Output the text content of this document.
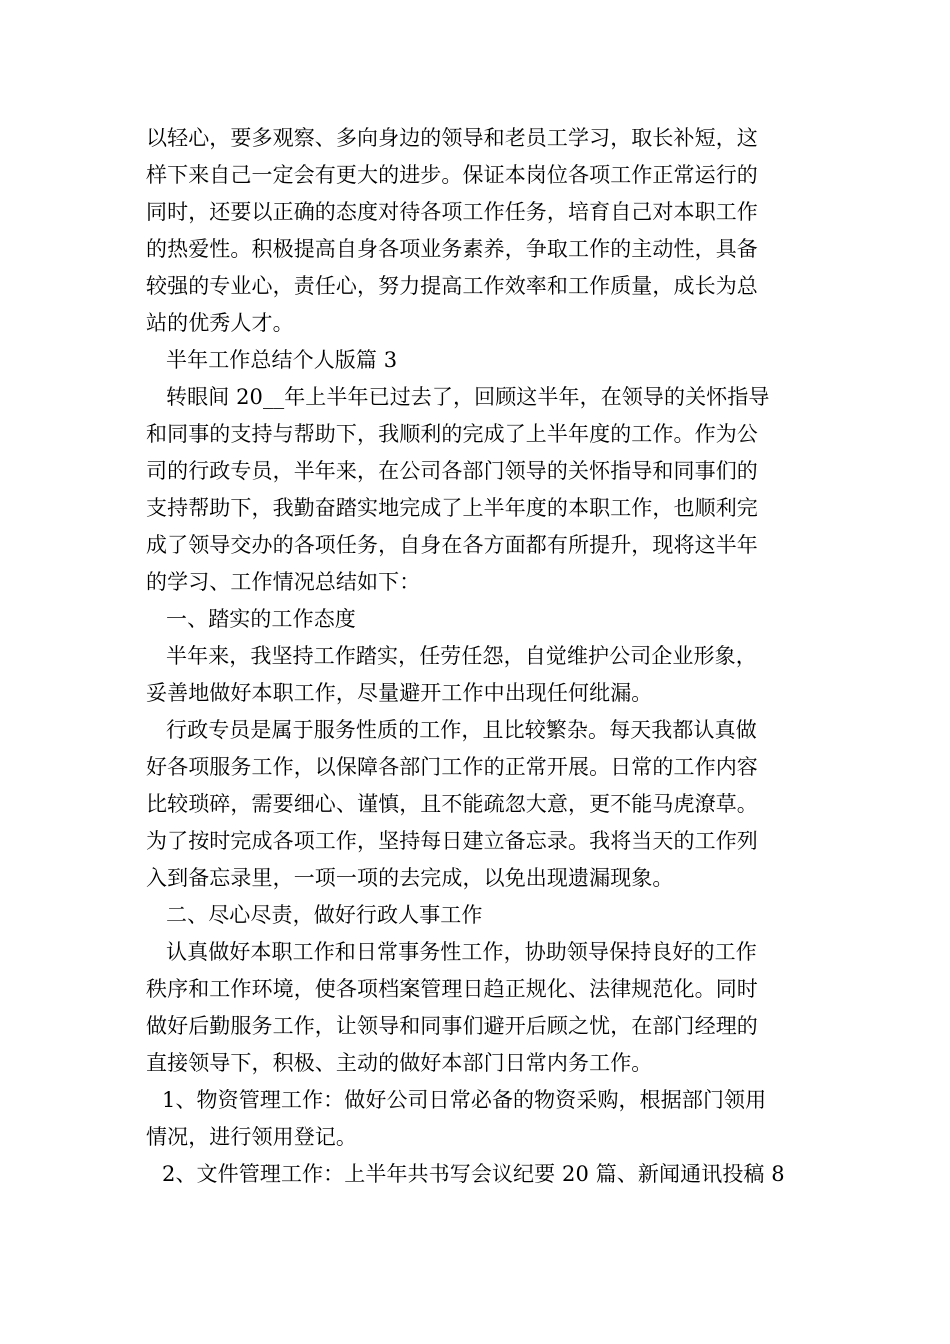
以轻心，要多观察、多向身边的领导和老员工学习，取长补短，这
样下来自己一定会有更大的进步。保证本岗位各项工作正常运行的
同时，还要以正确的态度对待各项工作任务，培育自己对本职工作
的热爱性。积极提高自身各项业务素养，争取工作的主动性，具备
较强的专业心，责任心，努力提高工作效率和工作质量，成长为总
站的优秀人才。
半年工作总结个人版篇 3
转眼间 20__年上半年已过去了，回顾这半年，在领导的关怀指导
和同事的支持与帮助下，我顺利的完成了上半年度的工作。作为公
司的行政专员，半年来，在公司各部门领导的关怀指导和同事们的
支持帮助下，我勤奋踏实地完成了上半年度的本职工作，也顺利完
成了领导交办的各项任务，自身在各方面都有所提升，现将这半年
的学习、工作情况总结如下：
一、踏实的工作态度
半年来，我坚持工作踏实，任劳任怨，自觉维护公司企业形象，
妥善地做好本职工作，尽量避开工作中出现任何纰漏。
行政专员是属于服务性质的工作，且比较繁杂。每天我都认真做
好各项服务工作，以保障各部门工作的正常开展。日常的工作内容
比较琐碎，需要细心、谨慎，且不能疏忽大意，更不能马虎潦草。
为了按时完成各项工作，坚持每日建立备忘录。我将当天的工作列
入到备忘录里，一项一项的去完成，以免出现遗漏现象。
二、尽心尽责，做好行政人事工作
认真做好本职工作和日常事务性工作，协助领导保持良好的工作
秩序和工作环境，使各项档案管理日趋正规化、法律规范化。同时
做好后勤服务工作，让领导和同事们避开后顾之忧，在部门经理的
直接领导下，积极、主动的做好本部门日常内务工作。
1、物资管理工作：做好公司日常必备的物资采购，根据部门领用
情况，进行领用登记。
2、文件管理工作：上半年共书写会议纪要 20 篇、新闻通讯投稿 8
